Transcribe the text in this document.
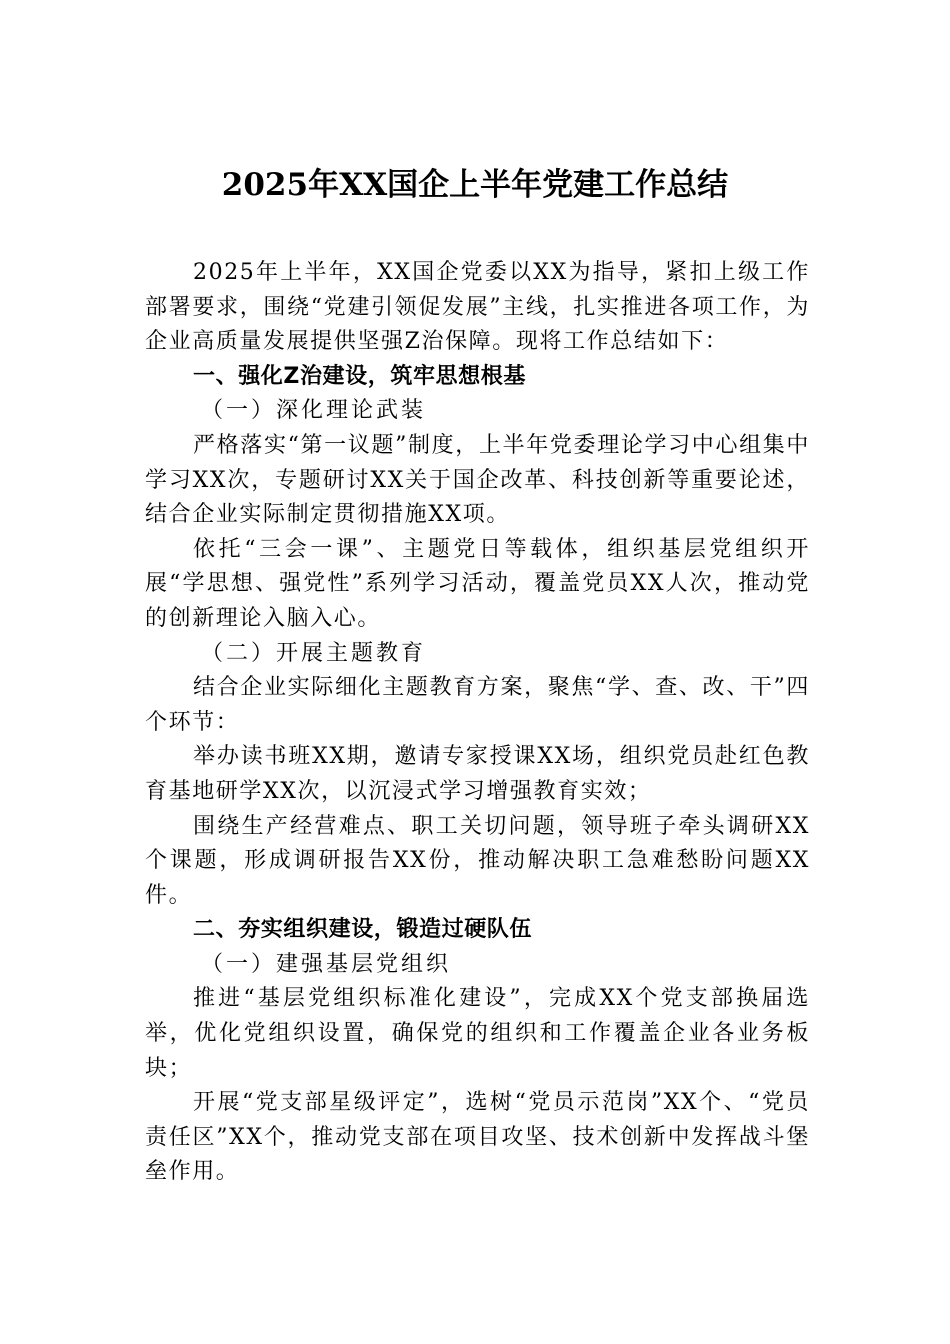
2025年XX国企上半年党建工作总结
2025年上半年，XX国企党委以XX为指导，紧扣上级工作部署要求，围绕“党建引领促发展”主线，扎实推进各项工作，为企业高质量发展提供坚强Z治保障。现将工作总结如下：
一、强化Z治建设，筑牢思想根基
（一）深化理论武装
严格落实“第一议题”制度，上半年党委理论学习中心组集中学习XX次，专题研讨XX关于国企改革、科技创新等重要论述，结合企业实际制定贯彻措施XX项。
依托“三会一课”、主题党日等载体，组织基层党组织开展“学思想、强党性”系列学习活动，覆盖党员XX人次，推动党的创新理论入脑入心。
（二）开展主题教育
结合企业实际细化主题教育方案，聚焦“学、查、改、干”四个环节：
举办读书班XX期，邀请专家授课XX场，组织党员赴红色教育基地研学XX次，以沉浸式学习增强教育实效；
围绕生产经营难点、职工关切问题，领导班子牵头调研XX个课题，形成调研报告XX份，推动解决职工急难愁盼问题XX件。
二、夯实组织建设，锻造过硬队伍
（一）建强基层党组织
推进“基层党组织标准化建设”，完成XX个党支部换届选举，优化党组织设置，确保党的组织和工作覆盖企业各业务板块；
开展“党支部星级评定”，选树“党员示范岗”XX个、“党员责任区”XX个，推动党支部在项目攻坚、技术创新中发挥战斗堡垒作用。
